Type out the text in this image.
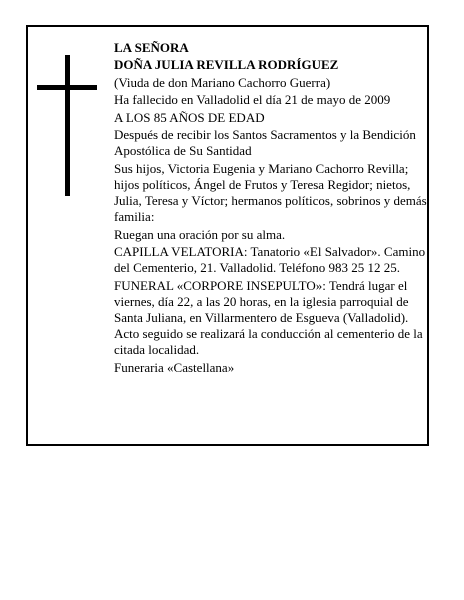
LA SEÑORA

DOÑA JULIA REVILLA RODRÍGUEZ

(Viuda de don Mariano Cachorro Guerra)

Ha fallecido en Valladolid el día 21 de mayo de 2009

A LOS 85 AÑOS DE EDAD

Después de recibir los Santos Sacramentos y la Bendición Apostólica de Su Santidad

Sus hijos, Victoria Eugenia y Mariano Cachorro Revilla; hijos políticos, Ángel de Frutos y Teresa Regidor; nietos, Julia, Teresa y Víctor; hermanos políticos, sobrinos y demás familia:

Ruegan una oración por su alma.

CAPILLA VELATORIA: Tanatorio «El Salvador». Camino del Cementerio, 21. Valladolid. Teléfono 983 25 12 25.

FUNERAL «CORPORE INSEPULTO»: Tendrá lugar el viernes, día 22, a las 20 horas, en la iglesia parroquial de Santa Juliana, en Villarmentero de Esgueva (Valladolid). Acto seguido se realizará la conducción al cementerio de la citada localidad.

Funeraria «Castellana»
